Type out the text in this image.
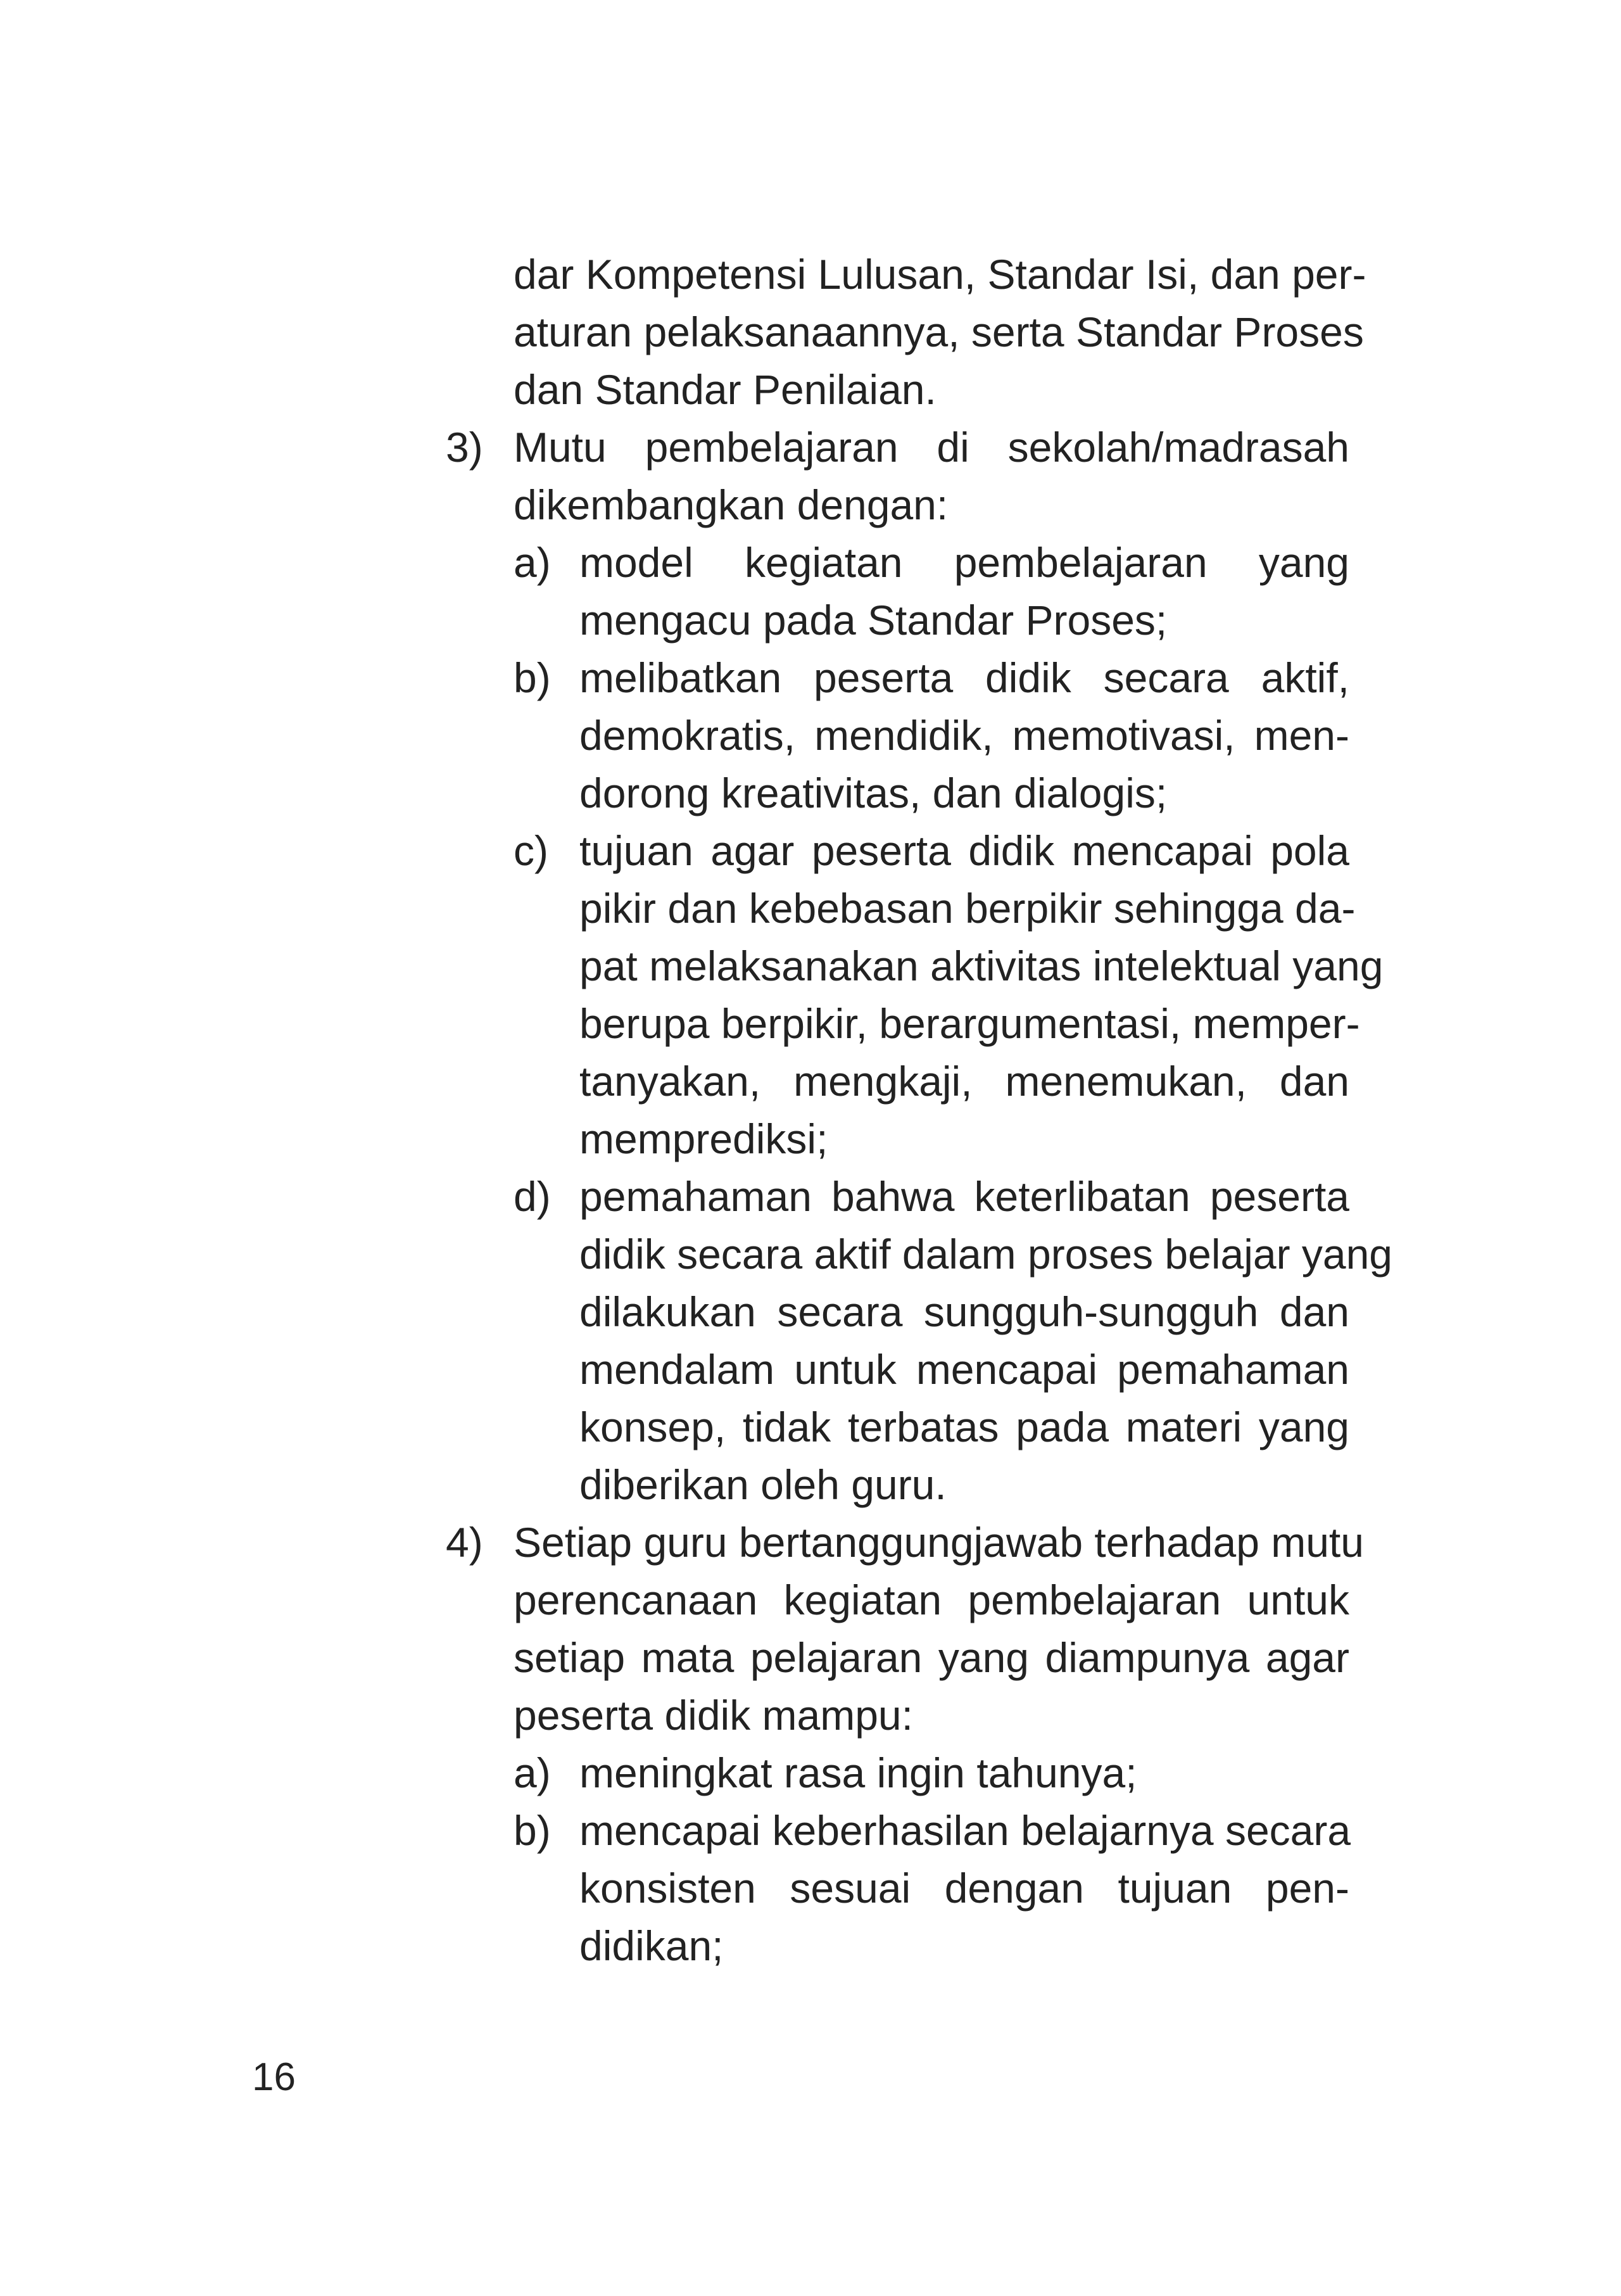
dar Kompetensi Lulusan, Standar Isi, dan per-
aturan pelaksanaannya, serta Standar Proses
dan Standar Penilaian.
3) Mutu pembelajaran di sekolah/madrasah
dikembangkan dengan:
a) model kegiatan pembelajaran yang
mengacu pada Standar Proses;
b) melibatkan peserta didik secara aktif,
demokratis, mendidik, memotivasi, men-
dorong kreativitas, dan dialogis;
c) tujuan agar peserta didik mencapai pola
pikir dan kebebasan berpikir sehingga da-
pat melaksanakan aktivitas intelektual yang
berupa berpikir, berargumentasi, memper-
tanyakan, mengkaji, menemukan, dan
memprediksi;
d) pemahaman bahwa keterlibatan peserta
didik secara aktif dalam proses belajar yang
dilakukan secara sungguh-sungguh dan
mendalam untuk mencapai pemahaman
konsep, tidak terbatas pada materi yang
diberikan oleh guru.
4) Setiap guru bertanggungjawab terhadap mutu
perencanaan kegiatan pembelajaran untuk
setiap mata pelajaran yang diampunya agar
peserta didik mampu:
a) meningkat rasa ingin tahunya;
b) mencapai keberhasilan belajarnya secara
konsisten sesuai dengan tujuan pen-
didikan;
16
